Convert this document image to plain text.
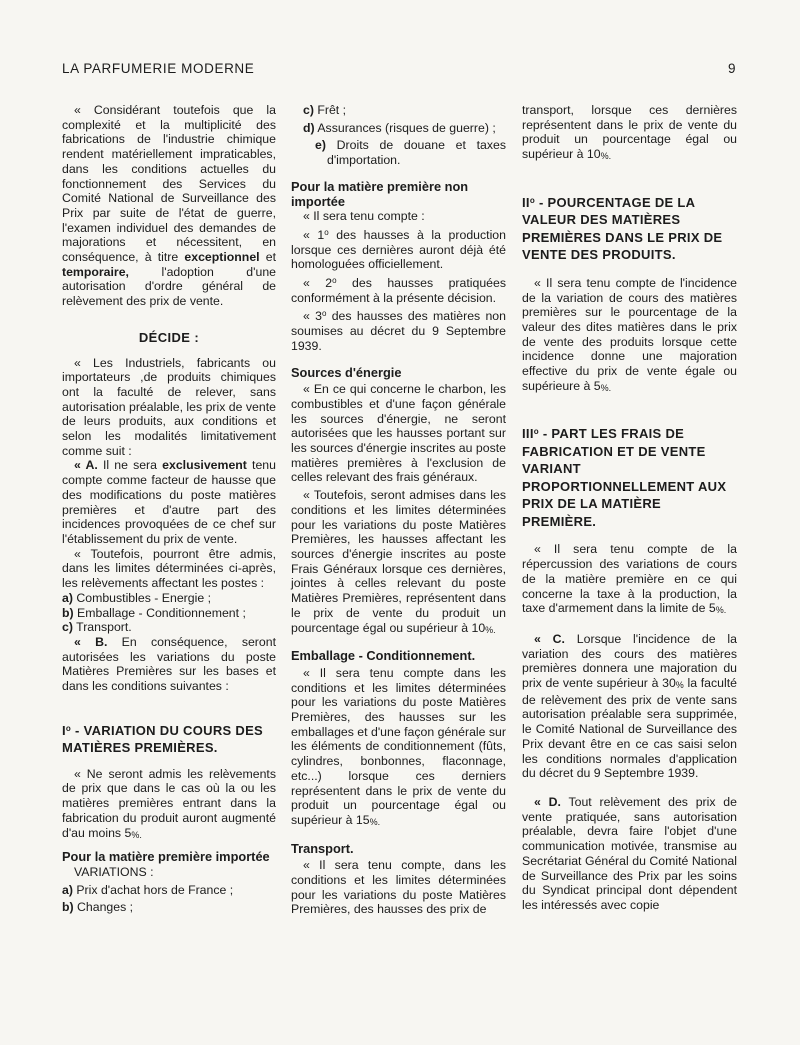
LA PARFUMERIE MODERNE	9

« Considérant toutefois que la complexité et la multiplicité des fabrications de l'industrie chimique rendent matériellement impraticables, dans les conditions actuelles du fonctionnement des Services du Comité National de Surveillance des Prix par suite de l'état de guerre, l'examen individuel des demandes de majorations et nécessitent, en conséquence, à titre exceptionnel et temporaire,	l'adoption d'une autorisation d'ordre général de relèvement des prix de vente.

DÉCIDE :

« Les Industriels, fabricants ou importateurs ,de produits chimiques ont la faculté de relever, sans autorisation préalable, les prix de vente de leurs produits, aux conditions et selon les modalités limitativement comme suit :

« A. Il ne sera exclusivement tenu compte comme facteur de hausse que des modifications du poste matières premières et d'autre part des incidences provoquées de ce chef sur l'établissement du prix de vente.

« Toutefois, pourront être admis, dans les limites déterminées ci-après, les relèvements affectant les postes :

a) Combustibles - Energie ;

b) Emballage - Conditionnement ;

c) Transport.

« B. En conséquence, seront autorisées les variations du poste Matières Premières sur les bases et dans les conditions suivantes :

$I^o$ - VARIATION DU COURS DES MATIÈRES PREMIÈRES.

« Ne seront admis les relèvements de prix que dans le cas où la ou les matières premières entrant dans la fabrication du produit auront augmenté d'au moins 5%.

Pour la matière première importée

VARIATIONS :

a) Prix d'achat hors de France ;

b) Changes ;

c) Frêt ;

d) Assurances (risques de guerre) ;

e) Droits de douane et taxes d'importation.

Pour la matière première non importée

« Il sera tenu compte :

« 1$^o$ des hausses à la production lorsque ces dernières auront déjà été homologuées officiellement.

« 2$^o$ des hausses pratiquées conformément à la présente décision.

« 3$^o$ des hausses des matières non soumises au décret du 9 Septembre 1939.

Sources d'énergie

« En ce qui concerne le charbon, les combustibles et d'une façon générale les sources d'énergie, ne seront autorisées que les hausses portant sur les sources d'énergie inscrites au poste matières premières à l'exclusion de celles relevant des frais généraux.

« Toutefois, seront admises dans les conditions et les limites déterminées pour les variations du poste Matières Premières, les hausses affectant les sources d'énergie inscrites au poste Frais Généraux lorsque ces dernières, jointes à celles relevant du poste Matières Premières, représentent dans le prix de vente du produit un pourcentage égal ou supérieur à 10%.

Emballage - Conditionnement.

« Il sera tenu compte dans les conditions et les limites déterminées pour les variations du poste Matières Premières, des hausses sur les emballages et d'une façon générale sur les éléments de conditionnement (fûts, cylindres, bonbonnes, flaconnage, etc...) lorsque ces derniers représentent dans le prix de vente du produit un pourcentage égal ou supérieur à 15%.

Transport.

« Il sera tenu compte, dans les conditions et les limites déterminées pour les variations du poste Matières Premières, des hausses des prix de

transport, lorsque ces dernières représentent dans le prix de vente du produit un pourcentage égal ou supérieur à 10%.

$II^o$ - POURCENTAGE DE LA VALEUR DES MATIÈRES PREMIÈRES DANS LE PRIX DE VENTE DES PRODUITS.

« Il sera tenu compte de l'incidence de la variation de cours des matières premières sur le pourcentage de la valeur des dites matières dans le prix de vente des produits lorsque cette incidence donne une majoration effective du prix de vente égale ou supérieure à 5%.

III$^o$ - PART LES FRAIS DE FABRICATION ET DE VENTE VARIANT PROPORTIONNELLEMENT AUX PRIX DE LA MATIÈRE PREMIÈRE.

« Il sera tenu compte de la répercussion des variations de cours de la matière première en ce qui concerne la taxe à la production, la taxe d'armement dans la limite de 5%.

« C. Lorsque l'incidence de la variation des cours des matières premières donnera une majoration du prix de vente supérieur à 30% la faculté de relèvement des prix de vente sans autorisation préalable sera supprimée, le Comité National de Surveillance des Prix devant être en ce cas saisi selon les conditions normales d'application du décret du 9 Septembre 1939.

« D. Tout relèvement des prix de vente pratiquée, sans autorisation préalable, devra faire l'objet d'une communication motivée, transmise au Secrétariat Général du Comité National de Surveillance des Prix par les soins du Syndicat principal dont dépendent les intéressés avec copie
